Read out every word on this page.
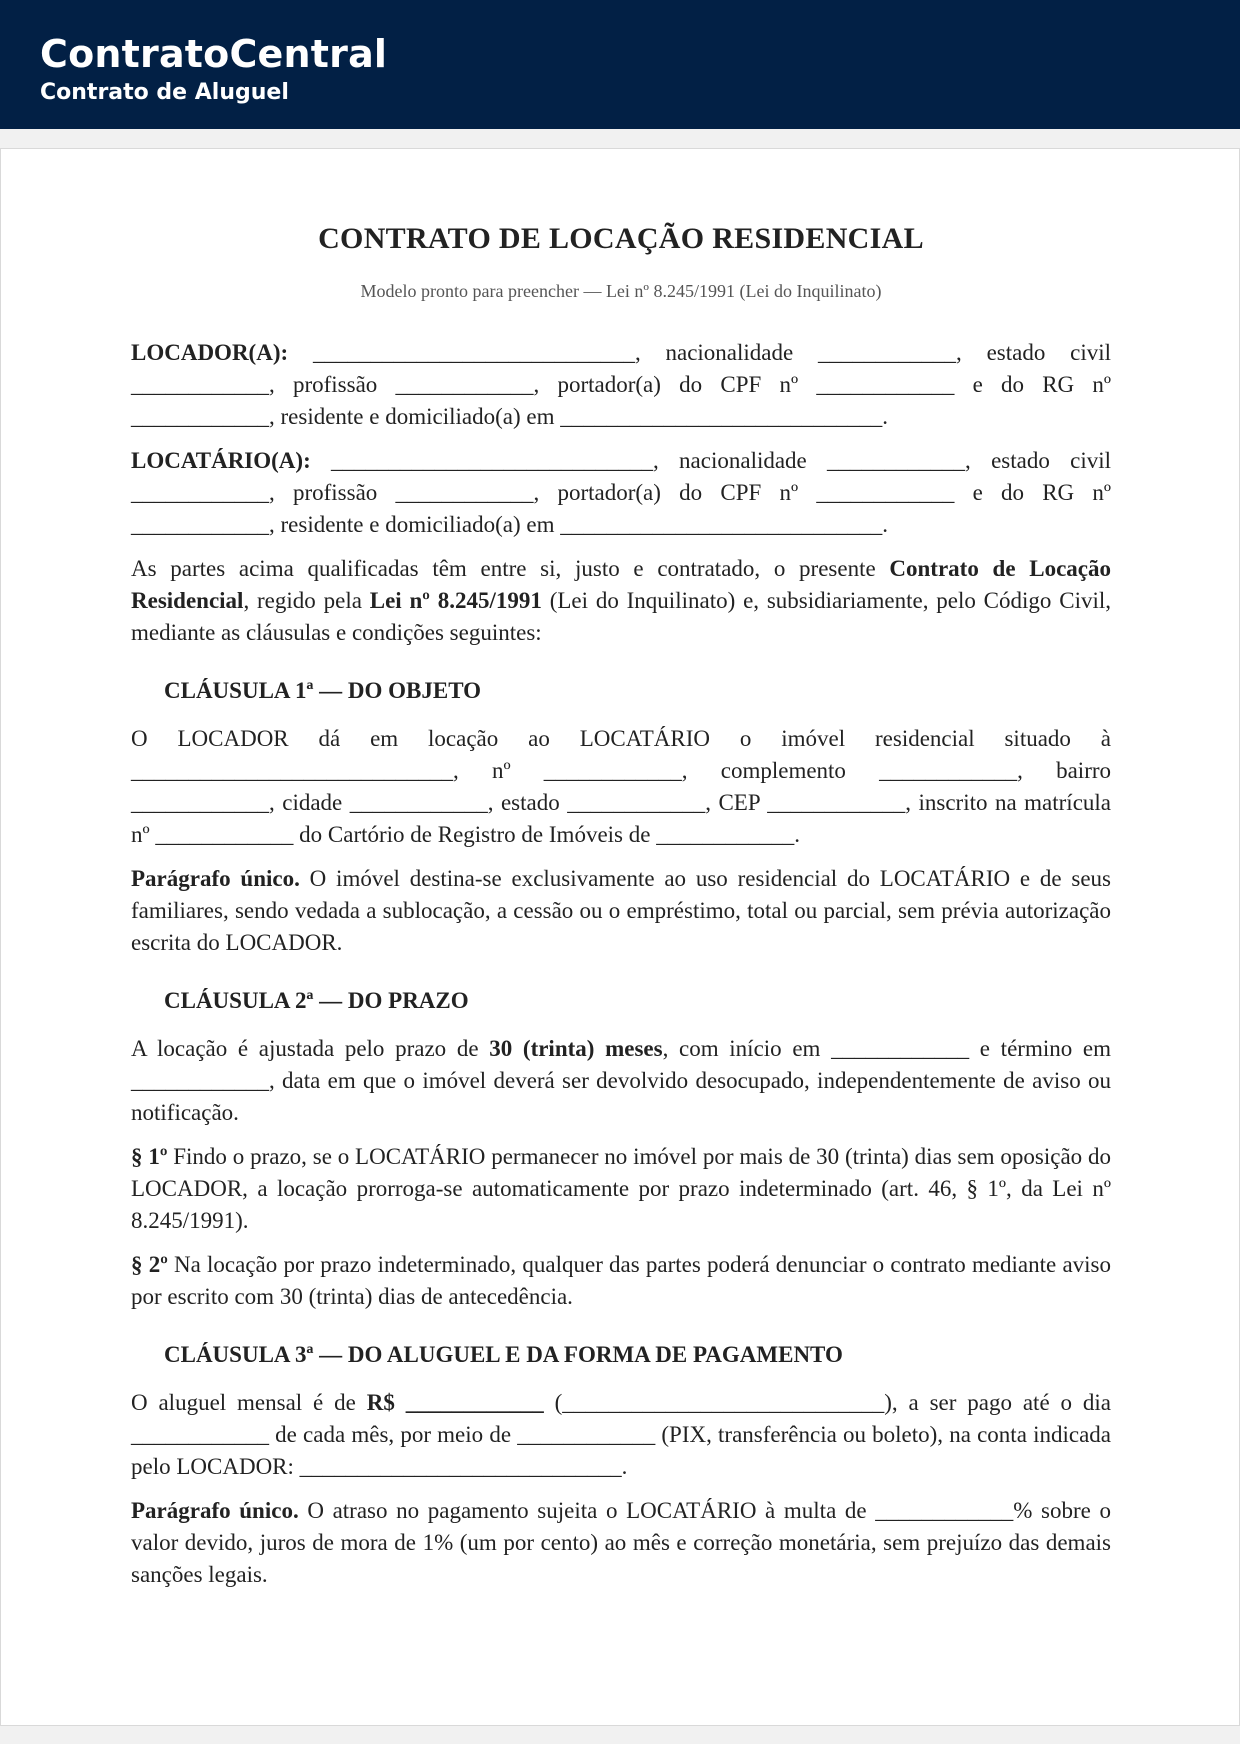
ContratoCentral
Contrato de Aluguel
CONTRATO DE LOCAÇÃO RESIDENCIAL

Modelo pronto para preencher — Lei nº 8.245/1991 (Lei do Inquilinato)

LOCADOR(A): ____________________________, nacionalidade ____________, estado civil ____________, profissão ____________, portador(a) do CPF nº ____________ e do RG nº ____________, residente e domiciliado(a) em ____________________________.

LOCATÁRIO(A): ____________________________, nacionalidade ____________, estado civil ____________, profissão ____________, portador(a) do CPF nº ____________ e do RG nº ____________, residente e domiciliado(a) em ____________________________.

As partes acima qualificadas têm entre si, justo e contratado, o presente Contrato de Locação Residencial, regido pela Lei nº 8.245/1991 (Lei do Inquilinato) e, subsidiariamente, pelo Código Civil, mediante as cláusulas e condições seguintes:

CLÁUSULA 1ª — DO OBJETO

O LOCADOR dá em locação ao LOCATÁRIO o imóvel residencial situado à ____________________________, nº ____________, complemento ____________, bairro ____________, cidade ____________, estado ____________, CEP ____________, inscrito na matrícula nº ____________ do Cartório de Registro de Imóveis de ____________.

Parágrafo único. O imóvel destina-se exclusivamente ao uso residencial do LOCATÁRIO e de seus familiares, sendo vedada a sublocação, a cessão ou o empréstimo, total ou parcial, sem prévia autorização escrita do LOCADOR.

CLÁUSULA 2ª — DO PRAZO

A locação é ajustada pelo prazo de 30 (trinta) meses, com início em ____________ e término em ____________, data em que o imóvel deverá ser devolvido desocupado, independentemente de aviso ou notificação.

§ 1º Findo o prazo, se o LOCATÁRIO permanecer no imóvel por mais de 30 (trinta) dias sem oposição do LOCADOR, a locação prorroga-se automaticamente por prazo indeterminado (art. 46, § 1º, da Lei nº 8.245/1991).

§ 2º Na locação por prazo indeterminado, qualquer das partes poderá denunciar o contrato mediante aviso por escrito com 30 (trinta) dias de antecedência.

CLÁUSULA 3ª — DO ALUGUEL E DA FORMA DE PAGAMENTO

O aluguel mensal é de R$ ____________ (____________________________), a ser pago até o dia ____________ de cada mês, por meio de ____________ (PIX, transferência ou boleto), na conta indicada pelo LOCADOR: ____________________________.

Parágrafo único. O atraso no pagamento sujeita o LOCATÁRIO à multa de ____________% sobre o valor devido, juros de mora de 1% (um por cento) ao mês e correção monetária, sem prejuízo das demais sanções legais.
